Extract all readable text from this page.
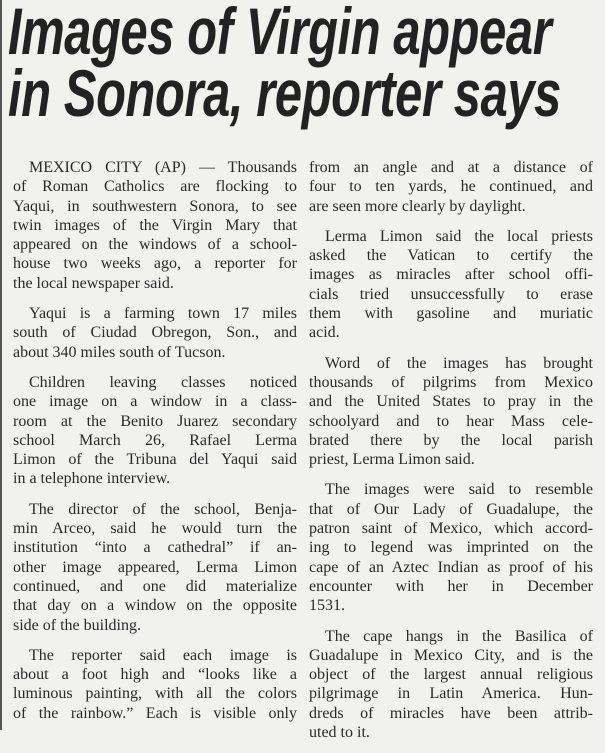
Images of Virgin appear
in Sonora, reporter says
MEXICO CITY (AP) — Thousands
of Roman Catholics are flocking to
Yaqui, in southwestern Sonora, to see
twin images of the Virgin Mary that
appeared on the windows of a school-
house two weeks ago, a reporter for
the local newspaper said.
Yaqui is a farming town 17 miles
south of Ciudad Obregon, Son., and
about 340 miles south of Tucson.
Children leaving classes noticed
one image on a window in a class-
room at the Benito Juarez secondary
school March 26, Rafael Lerma
Limon of the Tribuna del Yaqui said
in a telephone interview.
The director of the school, Benja-
min Arceo, said he would turn the
institution “into a cathedral” if an-
other image appeared, Lerma Limon
continued, and one did materialize
that day on a window on the opposite
side of the building.
The reporter said each image is
about a foot high and “looks like a
luminous painting, with all the colors
of the rainbow.” Each is visible only
from an angle and at a distance of
four to ten yards, he continued, and
are seen more clearly by daylight.
Lerma Limon said the local priests
asked the Vatican to certify the
images as miracles after school offi-
cials tried unsuccessfully to erase
them with gasoline and muriatic
acid.
Word of the images has brought
thousands of pilgrims from Mexico
and the United States to pray in the
schoolyard and to hear Mass cele-
brated there by the local parish
priest, Lerma Limon said.
The images were said to resemble
that of Our Lady of Guadalupe, the
patron saint of Mexico, which accord-
ing to legend was imprinted on the
cape of an Aztec Indian as proof of his
encounter with her in December
1531.
The cape hangs in the Basilica of
Guadalupe in Mexico City, and is the
object of the largest annual religious
pilgrimage in Latin America. Hun-
dreds of miracles have been attrib-
uted to it.
